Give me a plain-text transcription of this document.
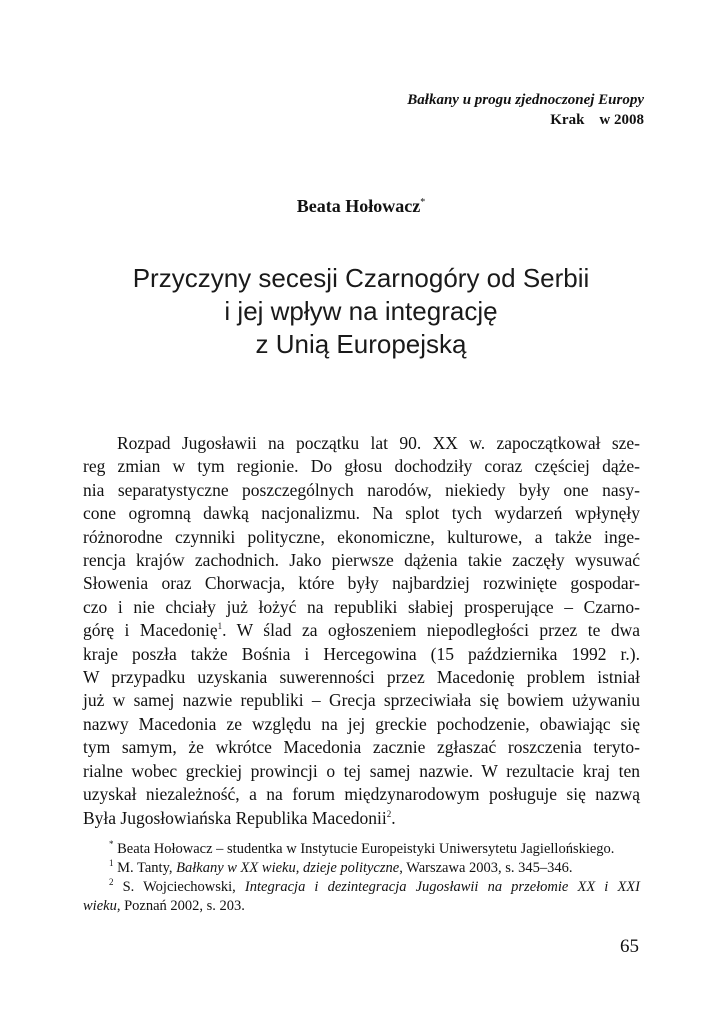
Bałkany u progu zjednoczonej Europy
Krak    w 2008
Beata Hołowacz*
Przyczyny secesji Czarnogóry od Serbii
i jej wpływ na integrację
z Unią Europejską
Rozpad Jugosławii na początku lat 90. XX w. zapoczątkował sze-
reg zmian w tym regionie. Do głosu dochodziły coraz częściej dąże-
nia separatystyczne poszczególnych narodów, niekiedy były one nasy-
cone ogromną dawką nacjonalizmu. Na splot tych wydarzeń wpłynęły
różnorodne czynniki polityczne, ekonomiczne, kulturowe, a także inge-
rencja krajów zachodnich. Jako pierwsze dążenia takie zaczęły wysuwać
Słowenia oraz Chorwacja, które były najbardziej rozwinięte gospodar-
czo i nie chciały już łożyć na republiki słabiej prosperujące – Czarno-
górę i Macedonię$^1$. W ślad za ogłoszeniem niepodległości przez te dwa
kraje poszła także Bośnia i Hercegowina (15 października 1992 r.).
W przypadku uzyskania suwerenności przez Macedonię problem istniał
już w samej nazwie republiki – Grecja sprzeciwiała się bowiem używaniu
nazwy Macedonia ze względu na jej greckie pochodzenie, obawiając się
tym samym, że wkrótce Macedonia zacznie zgłaszać roszczenia teryto-
rialne wobec greckiej prowincji o tej samej nazwie. W rezultacie kraj ten
uzyskał niezależność, a na forum międzynarodowym posługuje się nazwą
Była Jugosłowiańska Republika Macedonii$^2$.
* Beata Hołowacz – studentka w Instytucie Europeistyki Uniwersytetu Jagiellońskiego.
$^1$ M. Tanty, Bałkany w XX wieku, dzieje polityczne, Warszawa 2003, s. 345–346.
$^2$ S. Wojciechowski, Integracja i dezintegracja Jugosławii na przełomie XX i XXI
wieku, Poznań 2002, s. 203.
65
